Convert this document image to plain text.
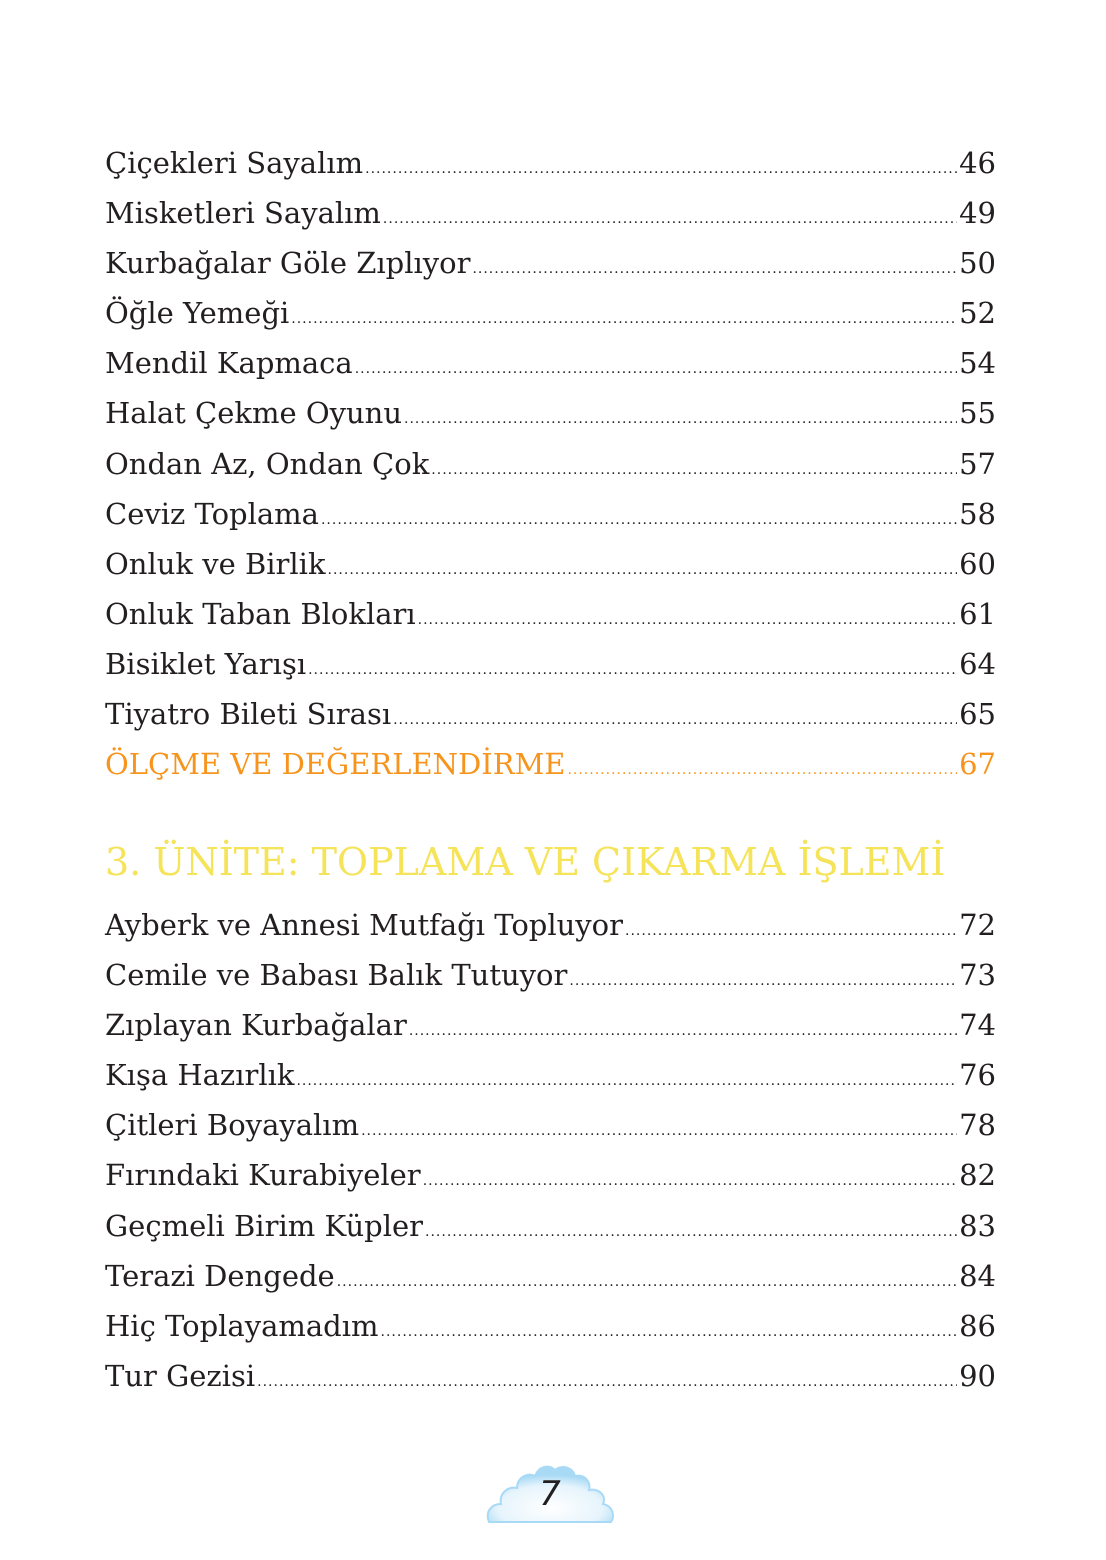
Çiçekleri Sayalım .....	46
Misketleri Sayalım .....	49
Kurbağalar Göle Zıplıyor .....	50
Öğle Yemeği .....	52
Mendil Kapmaca .....	54
Halat Çekme Oyunu .....	55
Ondan Az, Ondan Çok .....	57
Ceviz Toplama .....	58
Onluk ve Birlik .....	60
Onluk Taban Blokları .....	61
Bisiklet Yarışı .....	64
Tiyatro Bileti Sırası .....	65
ÖLÇME VE DEĞERLENDİRME .....	67
3. ÜNİTE: TOPLAMA VE ÇIKARMA İŞLEMİ
Ayberk ve Annesi Mutfağı Topluyor .....	72
Cemile ve Babası Balık Tutuyor .....	73
Zıplayan Kurbağalar .....	74
Kışa Hazırlık .....	76
Çitleri Boyayalım .....	78
Fırındaki Kurabiyeler .....	82
Geçmeli Birim Küpler .....	83
Terazi Dengede .....	84
Hiç Toplayamadım .....	86
Tur Gezisi .....	90
7
